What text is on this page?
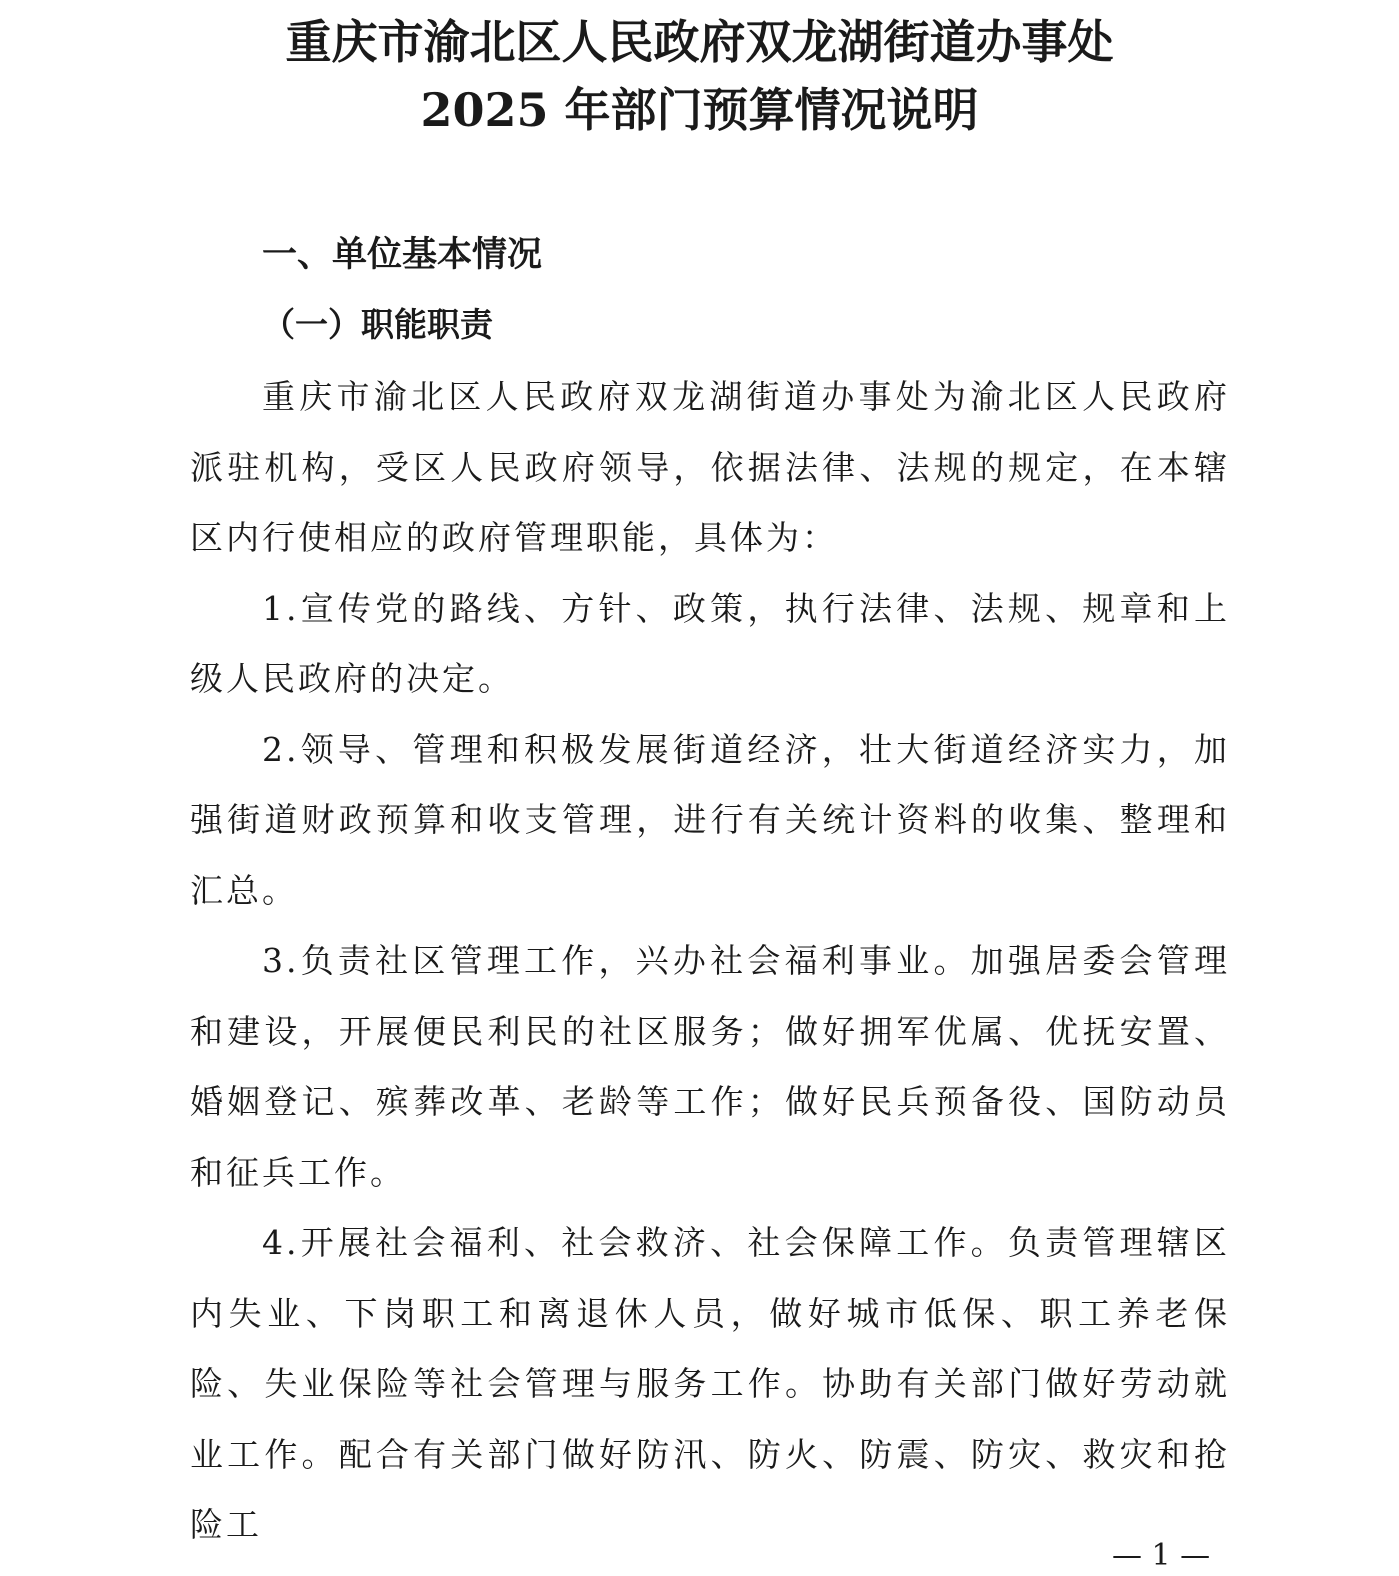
重庆市渝北区人民政府双龙湖街道办事处
2025 年部门预算情况说明
一、单位基本情况
（一）职能职责

重庆市渝北区人民政府双龙湖街道办事处为渝北区人民政府派驻机构，受区人民政府领导，依据法律、法规的规定，在本辖区内行使相应的政府管理职能，具体为：

1.宣传党的路线、方针、政策，执行法律、法规、规章和上级人民政府的决定。

2.领导、管理和积极发展街道经济，壮大街道经济实力，加强街道财政预算和收支管理，进行有关统计资料的收集、整理和汇总。

3.负责社区管理工作，兴办社会福利事业。加强居委会管理和建设，开展便民利民的社区服务；做好拥军优属、优抚安置、婚姻登记、殡葬改革、老龄等工作；做好民兵预备役、国防动员和征兵工作。

4.开展社会福利、社会救济、社会保障工作。负责管理辖区内失业、下岗职工和离退休人员，做好城市低保、职工养老保险、失业保险等社会管理与服务工作。协助有关部门做好劳动就业工作。配合有关部门做好防汛、防火、防震、防灾、救灾和抢险工

— 1 —
